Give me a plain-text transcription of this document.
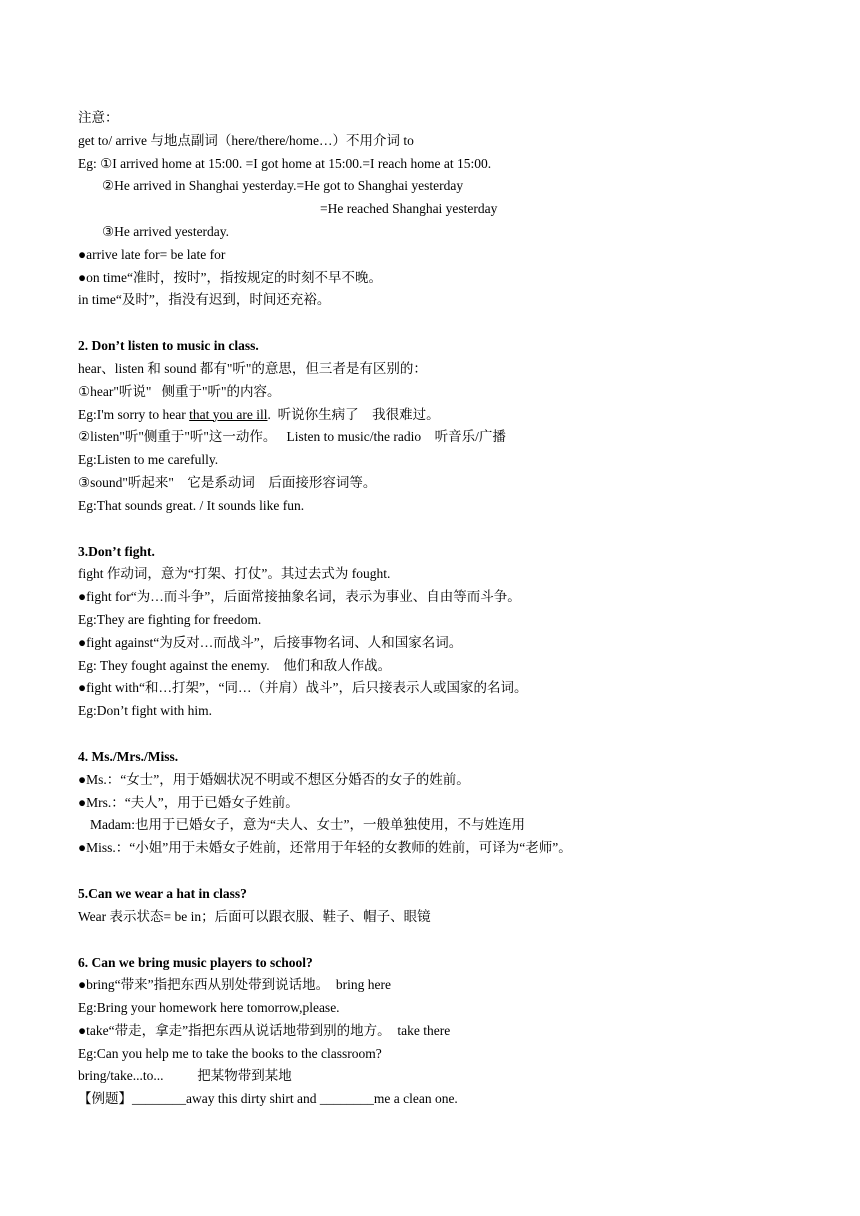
注意：
get to/ arrive 与地点副词（here/there/home…）不用介词 to
Eg: ①I arrived home at 15:00. =I got home at 15:00.=I reach home at 15:00.
②He arrived in Shanghai yesterday.=He got to Shanghai yesterday
=He reached Shanghai yesterday
③He arrived yesterday.
●arrive late for= be late for
●on time“准时，按时”，指按规定的时刻不早不晚。
in time“及时”，指没有迟到，时间还充裕。
2. Don’t listen to music in class.
hear、listen 和 sound 都有"听"的意思，但三者是有区别的：
①hear"听说"   侧重于"听"的内容。
Eg:I'm sorry to hear that you are ill.  听说你生病了    我很难过。
②listen"听"侧重于"听"这一动作。   Listen to music/the radio    听音乐/广播
Eg:Listen to me carefully.
③sound"听起来"    它是系动词    后面接形容词等。
Eg:That sounds great. / It sounds like fun.
3.Don’t fight.
fight 作动词，意为“打架、打仗”。其过去式为 fought.
●fight for“为…而斗争”，后面常接抽象名词，表示为事业、自由等而斗争。
Eg:They are fighting for freedom.
●fight against“为反对…而战斗”，后接事物名词、人和国家名词。
Eg: They fought against the enemy.    他们和敌人作战。
●fight with“和…打架”，“同…（并肩）战斗”，后只接表示人或国家的名词。
Eg:Don’t fight with him.
4. Ms./Mrs./Miss.
●Ms.：“女士”，用于婚姻状况不明或不想区分婚否的女子的姓前。
●Mrs.：“夫人”，用于已婚女子姓前。
Madam:也用于已婚女子，意为“夫人、女士”，一般单独使用，不与姓连用
●Miss.：“小姐”用于未婚女子姓前，还常用于年轻的女教师的姓前，可译为“老师”。
5.Can we wear a hat in class?
Wear 表示状态= be in；后面可以跟衣服、鞋子、帽子、眼镜
6. Can we bring music players to school?
●bring“带来”指把东西从别处带到说话地。  bring here
Eg:Bring your homework here tomorrow,please.
●take“带走，拿走”指把东西从说话地带到别的地方。  take there
Eg:Can you help me to take the books to the classroom?
bring/take...to...          把某物带到某地
【例题】________away this dirty shirt and ________me a clean one.
